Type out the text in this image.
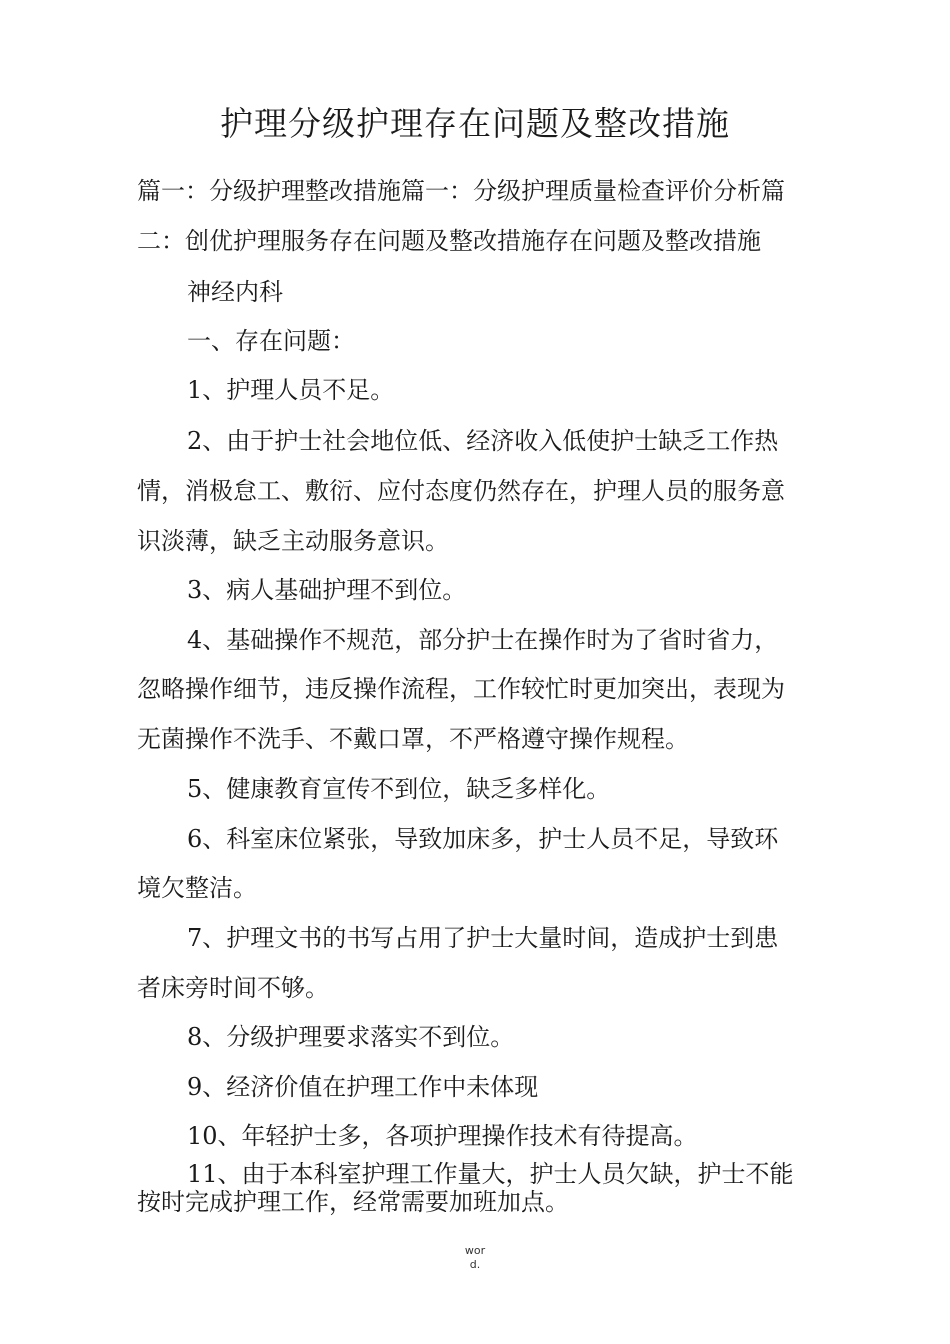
护理分级护理存在问题及整改措施

篇一：分级护理整改措施篇一：分级护理质量检查评价分析篇

二：创优护理服务存在问题及整改措施存在问题及整改措施

神经内科

一、存在问题：

1、护理人员不足。

2、由于护士社会地位低、经济收入低使护士缺乏工作热

情，消极怠工、敷衍、应付态度仍然存在，护理人员的服务意

识淡薄，缺乏主动服务意识。

3、病人基础护理不到位。

4、基础操作不规范，部分护士在操作时为了省时省力，

忽略操作细节，违反操作流程，工作较忙时更加突出，表现为

无菌操作不洗手、不戴口罩，不严格遵守操作规程。

5、健康教育宣传不到位，缺乏多样化。

6、科室床位紧张，导致加床多，护士人员不足，导致环

境欠整洁。

7、护理文书的书写占用了护士大量时间，造成护士到患

者床旁时间不够。

8、分级护理要求落实不到位。

9、经济价值在护理工作中未体现

10、年轻护士多，各项护理操作技术有待提高。

11、由于本科室护理工作量大，护士人员欠缺，护士不能

按时完成护理工作，经常需要加班加点。

wor
d.
